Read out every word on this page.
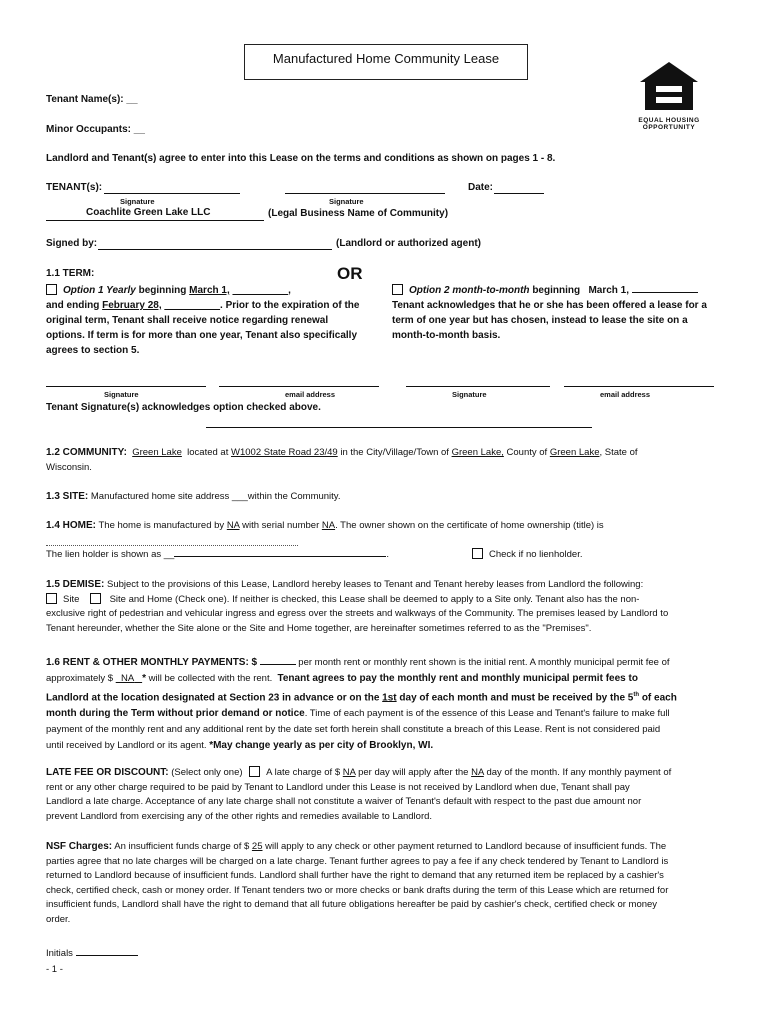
Manufactured Home Community Lease
EQUAL HOUSING
OPPORTUNITY
Tenant Name(s): __
Minor Occupants: __
Landlord and Tenant(s) agree to enter into this Lease on the terms and conditions as shown on pages 1 - 8.
TENANT(s):	Date:
Signature	Signature
Coachlite Green Lake LLC	(Legal Business Name of Community)
Signed by:	(Landlord or authorized agent)
1.1 TERM:	OR
Option 1 Yearly beginning March 1, __________,
and ending February 28, __________. Prior to the expiration of the
original term, Tenant shall receive notice regarding renewal
options. If term is for more than one year, Tenant also specifically
agrees to section 5.
Option 2 month-to-month beginning March 1,
Tenant acknowledges that he or she has been offered a lease for a
term of one year but has chosen, instead to lease the site on a
month-to-month basis.
Signature	email address	Signature	email address
Tenant Signature(s) acknowledges option checked above.
1.2 COMMUNITY: Green Lake located at W1002 State Road 23/49 in the City/Village/Town of Green Lake, County of Green Lake, State of
Wisconsin.
1.3 SITE: Manufactured home site address ___within the Community.
1.4 HOME: The home is manufactured by NA with serial number NA. The owner shown on the certificate of home ownership (title) is
The lien holder is shown as __	.	Check if no lienholder.
1.5 DEMISE: Subject to the provisions of this Lease, Landlord hereby leases to Tenant and Tenant hereby leases from Landlord the following:
Site	Site and Home (Check one). If neither is checked, this Lease shall be deemed to apply to a Site only. Tenant also has the non-
exclusive right of pedestrian and vehicular ingress and egress over the streets and walkways of the Community. The premises leased by Landlord to
Tenant hereunder, whether the Site alone or the Site and Home together, are hereinafter sometimes referred to as the "Premises".
1.6 RENT & OTHER MONTHLY PAYMENTS: $	per month rent or monthly rent shown is the initial rent. A monthly municipal permit fee of
approximately $ NA * will be collected with the rent. Tenant agrees to pay the monthly rent and monthly municipal permit fees to
Landlord at the location designated at Section 23 in advance or on the 1st day of each month and must be received by the 5th of each
month during the Term without prior demand or notice. Time of each payment is of the essence of this Lease and Tenant's failure to make full
payment of the monthly rent and any additional rent by the date set forth herein shall constitute a breach of this Lease. Rent is not considered paid
until received by Landlord or its agent. *May change yearly as per city of Brooklyn, WI.
LATE FEE OR DISCOUNT: (Select only one) A late charge of $ NA per day will apply after the NA day of the month. If any monthly payment of
rent or any other charge required to be paid by Tenant to Landlord under this Lease is not received by Landlord when due, Tenant shall pay
Landlord a late charge. Acceptance of any late charge shall not constitute a waiver of Tenant's default with respect to the past due amount nor
prevent Landlord from exercising any of the other rights and remedies available to Landlord.
NSF Charges: An insufficient funds charge of $ 25 will apply to any check or other payment returned to Landlord because of insufficient funds. The
parties agree that no late charges will be charged on a late charge. Tenant further agrees to pay a fee if any check tendered by Tenant to Landlord is
returned to Landlord because of insufficient funds. Landlord shall further have the right to demand that any returned item be replaced by a cashier's
check, certified check, cash or money order. If Tenant tenders two or more checks or bank drafts during the term of this Lease which are returned for
insufficient funds, Landlord shall have the right to demand that all future obligations hereafter be paid by cashier's check, certified check or money
order.
Initials
- 1 -
